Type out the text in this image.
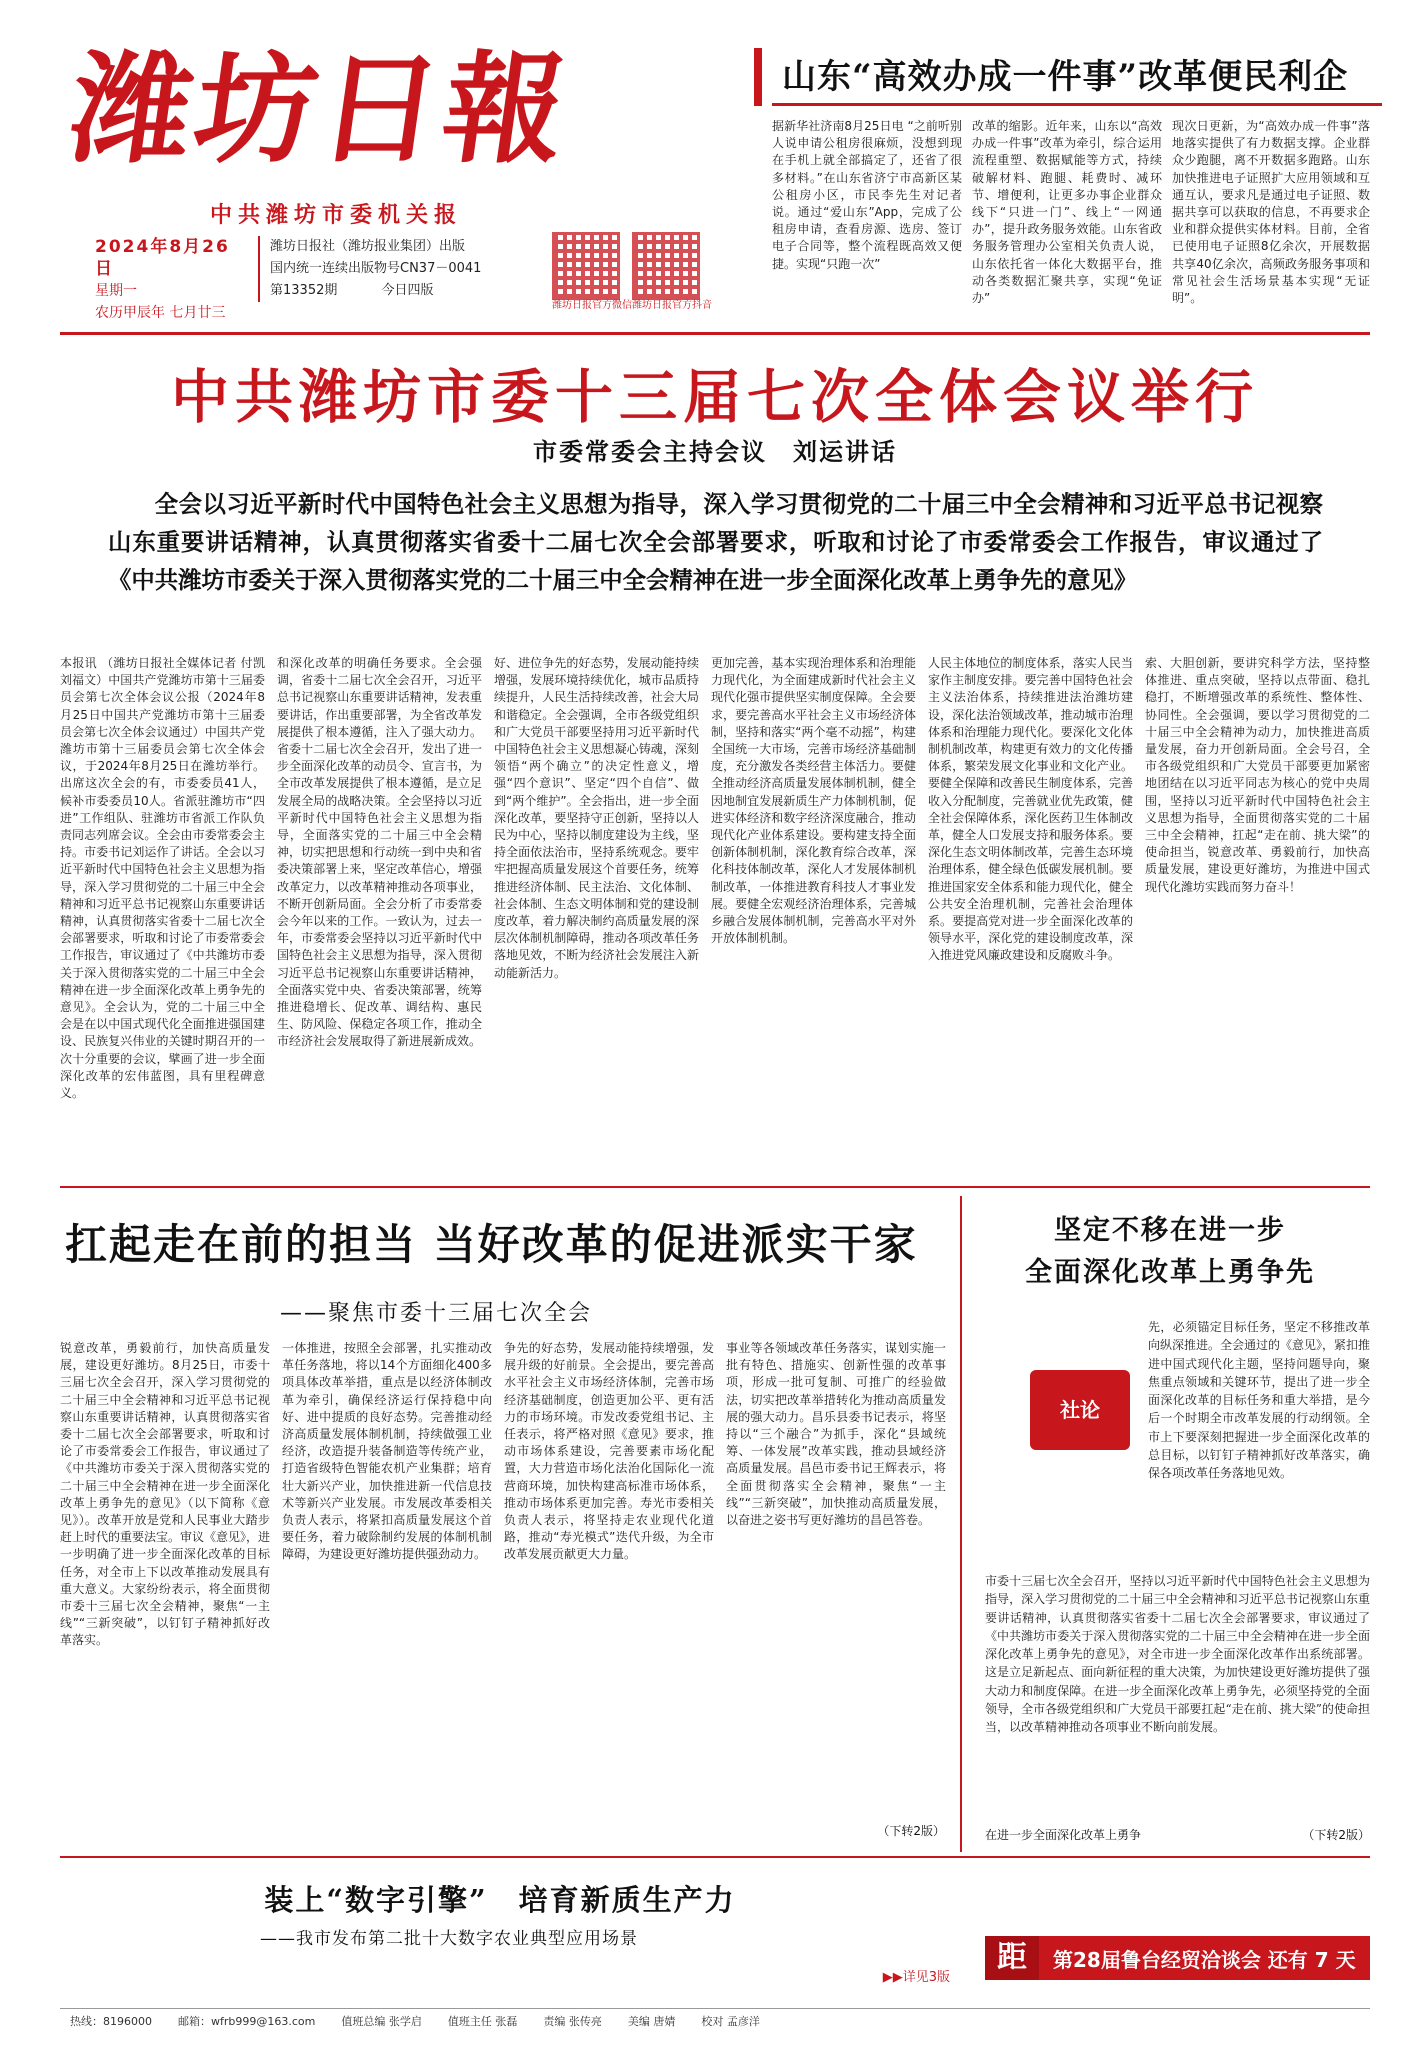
潍坊日報
中共潍坊市委机关报
2024年8月26日
星期一
农历甲辰年 七月廿三
潍坊日报社（潍坊报业集团）出版
国内统一连续出版物号CN37－0041
第13352期	今日四版
潍坊日报官方微信 潍坊日报官方抖音
山东“高效办成一件事”改革便民利企
据新华社济南8月25日电 “之前听别人说申请公租房很麻烦，没想到现在手机上就全部搞定了，还省了很多材料。”在山东省济宁市高新区某公租房小区，市民李先生对记者说。通过“爱山东”App，完成了公租房申请，查看房源、选房、签订电子合同等，整个流程既高效又便捷。实现“只跑一次”
改革的缩影。近年来，山东以“高效办成一件事”改革为牵引，综合运用流程重塑、数据赋能等方式，持续破解材料、跑腿、耗费时、减环节、增便利，让更多办事企业群众线下“只进一门”、线上“一网通办”，提升政务服务效能。山东省政务服务管理办公室相关负责人说，山东依托省一体化大数据平台，推动各类数据汇聚共享，实现“免证办”
现次日更新，为“高效办成一件事”落地落实提供了有力数据支撑。企业群众少跑腿，离不开数据多跑路。山东加快推进电子证照扩大应用领域和互通互认，要求凡是通过电子证照、数据共享可以获取的信息，不再要求企业和群众提供实体材料。目前，全省已使用电子证照8亿余次，开展数据共享40亿余次，高频政务服务事项和常见社会生活场景基本实现“无证明”。
中共潍坊市委十三届七次全体会议举行
市委常委会主持会议　刘运讲话
全会以习近平新时代中国特色社会主义思想为指导，深入学习贯彻党的二十届三中全会精神和习近平总书记视察山东重要讲话精神，认真贯彻落实省委十二届七次全会部署要求，听取和讨论了市委常委会工作报告，审议通过了《中共潍坊市委关于深入贯彻落实党的二十届三中全会精神在进一步全面深化改革上勇争先的意见》
本报讯 （潍坊日报社全媒体记者 付凯 刘福文）中国共产党潍坊市第十三届委员会第七次全体会议公报（2024年8月25日中国共产党潍坊市第十三届委员会第七次全体会议通过）中国共产党潍坊市第十三届委员会第七次全体会议，于2024年8月25日在潍坊举行。出席这次全会的有，市委委员41人，候补市委委员10人。省派驻潍坊市“四进”工作组队、驻潍坊市省派工作队负责同志列席会议。全会由市委常委会主持。市委书记刘运作了讲话。全会以习近平新时代中国特色社会主义思想为指导，深入学习贯彻党的二十届三中全会精神和习近平总书记视察山东重要讲话精神，认真贯彻落实省委十二届七次全会部署要求，听取和讨论了市委常委会工作报告，审议通过了《中共潍坊市委关于深入贯彻落实党的二十届三中全会精神在进一步全面深化改革上勇争先的意见》。全会认为，党的二十届三中全会是在以中国式现代化全面推进强国建设、民族复兴伟业的关键时期召开的一次十分重要的会议，擘画了进一步全面深化改革的宏伟蓝图，具有里程碑意义。
和深化改革的明确任务要求。全会强调，省委十二届七次全会召开，习近平总书记视察山东重要讲话精神，发表重要讲话，作出重要部署，为全省改革发展提供了根本遵循，注入了强大动力。省委十二届七次全会召开，发出了进一步全面深化改革的动员令、宣言书，为全市改革发展提供了根本遵循，是立足发展全局的战略决策。全会坚持以习近平新时代中国特色社会主义思想为指导，全面落实党的二十届三中全会精神，切实把思想和行动统一到中央和省委决策部署上来，坚定改革信心，增强改革定力，以改革精神推动各项事业，不断开创新局面。全会分析了市委常委会今年以来的工作。一致认为，过去一年，市委常委会坚持以习近平新时代中国特色社会主义思想为指导，深入贯彻习近平总书记视察山东重要讲话精神，全面落实党中央、省委决策部署，统筹推进稳增长、促改革、调结构、惠民生、防风险、保稳定各项工作，推动全市经济社会发展取得了新进展新成效。
好、进位争先的好态势，发展动能持续增强，发展环境持续优化，城市品质持续提升，人民生活持续改善，社会大局和谐稳定。全会强调，全市各级党组织和广大党员干部要坚持用习近平新时代中国特色社会主义思想凝心铸魂，深刻领悟“两个确立”的决定性意义，增强“四个意识”、坚定“四个自信”、做到“两个维护”。全会指出，进一步全面深化改革，要坚持守正创新，坚持以人民为中心，坚持以制度建设为主线，坚持全面依法治市，坚持系统观念。要牢牢把握高质量发展这个首要任务，统筹推进经济体制、民主法治、文化体制、社会体制、生态文明体制和党的建设制度改革，着力解决制约高质量发展的深层次体制机制障碍，推动各项改革任务落地见效，不断为经济社会发展注入新动能新活力。
更加完善，基本实现治理体系和治理能力现代化，为全面建成新时代社会主义现代化强市提供坚实制度保障。全会要求，要完善高水平社会主义市场经济体制，坚持和落实“两个毫不动摇”，构建全国统一大市场，完善市场经济基础制度，充分激发各类经营主体活力。要健全推动经济高质量发展体制机制，健全因地制宜发展新质生产力体制机制，促进实体经济和数字经济深度融合，推动现代化产业体系建设。要构建支持全面创新体制机制，深化教育综合改革，深化科技体制改革，深化人才发展体制机制改革，一体推进教育科技人才事业发展。要健全宏观经济治理体系，完善城乡融合发展体制机制，完善高水平对外开放体制机制。
人民主体地位的制度体系，落实人民当家作主制度安排。要完善中国特色社会主义法治体系，持续推进法治潍坊建设，深化法治领域改革，推动城市治理体系和治理能力现代化。要深化文化体制机制改革，构建更有效力的文化传播体系，繁荣发展文化事业和文化产业。要健全保障和改善民生制度体系，完善收入分配制度，完善就业优先政策，健全社会保障体系，深化医药卫生体制改革，健全人口发展支持和服务体系。要深化生态文明体制改革，完善生态环境治理体系，健全绿色低碳发展机制。要推进国家安全体系和能力现代化，健全公共安全治理机制，完善社会治理体系。要提高党对进一步全面深化改革的领导水平，深化党的建设制度改革，深入推进党风廉政建设和反腐败斗争。
索、大胆创新，要讲究科学方法，坚持整体推进、重点突破，坚持以点带面、稳扎稳打，不断增强改革的系统性、整体性、协同性。全会强调，要以学习贯彻党的二十届三中全会精神为动力，加快推进高质量发展，奋力开创新局面。全会号召，全市各级党组织和广大党员干部要更加紧密地团结在以习近平同志为核心的党中央周围，坚持以习近平新时代中国特色社会主义思想为指导，全面贯彻落实党的二十届三中全会精神，扛起“走在前、挑大梁”的使命担当，锐意改革、勇毅前行，加快高质量发展，建设更好潍坊，为推进中国式现代化潍坊实践而努力奋斗！
扛起走在前的担当 当好改革的促进派实干家
——聚焦市委十三届七次全会
锐意改革，勇毅前行，加快高质量发展，建设更好潍坊。8月25日，市委十三届七次全会召开，深入学习贯彻党的二十届三中全会精神和习近平总书记视察山东重要讲话精神，认真贯彻落实省委十二届七次全会部署要求，听取和讨论了市委常委会工作报告，审议通过了《中共潍坊市委关于深入贯彻落实党的二十届三中全会精神在进一步全面深化改革上勇争先的意见》（以下简称《意见》）。改革开放是党和人民事业大踏步赶上时代的重要法宝。审议《意见》，进一步明确了进一步全面深化改革的目标任务，对全市上下以改革推动发展具有重大意义。大家纷纷表示，将全面贯彻市委十三届七次全会精神，聚焦“一主线”“三新突破”，以钉钉子精神抓好改革落实。
一体推进，按照全会部署，扎实推动改革任务落地，将以14个方面细化400多项具体改革举措，重点是以经济体制改革为牵引，确保经济运行保持稳中向好、进中提质的良好态势。完善推动经济高质量发展体制机制，持续做强工业经济，改造提升装备制造等传统产业，打造省级特色智能农机产业集群；培育壮大新兴产业，加快推进新一代信息技术等新兴产业发展。市发展改革委相关负责人表示，将紧扣高质量发展这个首要任务，着力破除制约发展的体制机制障碍，为建设更好潍坊提供强劲动力。
争先的好态势，发展动能持续增强，发展升级的好前景。全会提出，要完善高水平社会主义市场经济体制，完善市场经济基础制度，创造更加公平、更有活力的市场环境。市发改委党组书记、主任表示，将严格对照《意见》要求，推动市场体系建设，完善要素市场化配置，大力营造市场化法治化国际化一流营商环境，加快构建高标准市场体系，推动市场体系更加完善。寿光市委相关负责人表示，将坚持走农业现代化道路，推动“寿光模式”迭代升级，为全市改革发展贡献更大力量。
事业等各领域改革任务落实，谋划实施一批有特色、措施实、创新性强的改革事项，形成一批可复制、可推广的经验做法，切实把改革举措转化为推动高质量发展的强大动力。昌乐县委书记表示，将坚持以“三个融合”为抓手，深化“县域统筹、一体发展”改革实践，推动县域经济高质量发展。昌邑市委书记王辉表示，将全面贯彻落实全会精神，聚焦“一主线”“三新突破”，加快推动高质量发展，以奋进之姿书写更好潍坊的昌邑答卷。
（下转2版）
坚定不移在进一步
全面深化改革上勇争先
先，必须锚定目标任务，坚定不移推改革向纵深推进。全会通过的《意见》，紧扣推进中国式现代化主题，坚持问题导向，聚焦重点领域和关键环节，提出了进一步全面深化改革的目标任务和重大举措，是今后一个时期全市改革发展的行动纲领。全市上下要深刻把握进一步全面深化改革的总目标，以钉钉子精神抓好改革落实，确保各项改革任务落地见效。
社论
市委十三届七次全会召开，坚持以习近平新时代中国特色社会主义思想为指导，深入学习贯彻党的二十届三中全会精神和习近平总书记视察山东重要讲话精神，认真贯彻落实省委十二届七次全会部署要求，审议通过了《中共潍坊市委关于深入贯彻落实党的二十届三中全会精神在进一步全面深化改革上勇争先的意见》，对全市进一步全面深化改革作出系统部署。这是立足新起点、面向新征程的重大决策，为加快建设更好潍坊提供了强大动力和制度保障。在进一步全面深化改革上勇争先，必须坚持党的全面领导，全市各级党组织和广大党员干部要扛起“走在前、挑大梁”的使命担当，以改革精神推动各项事业不断向前发展。
在进一步全面深化改革上勇争	（下转2版）
装上“数字引擎”　培育新质生产力
——我市发布第二批十大数字农业典型应用场景
▶▶详见3版
距 第28届鲁台经贸洽谈会 还有 7 天
热线：8196000 邮箱：wfrb999@163.com 值班总编 张学启 值班主任 张磊 责编 张传亮 美编 唐婧 校对 孟彦洋
